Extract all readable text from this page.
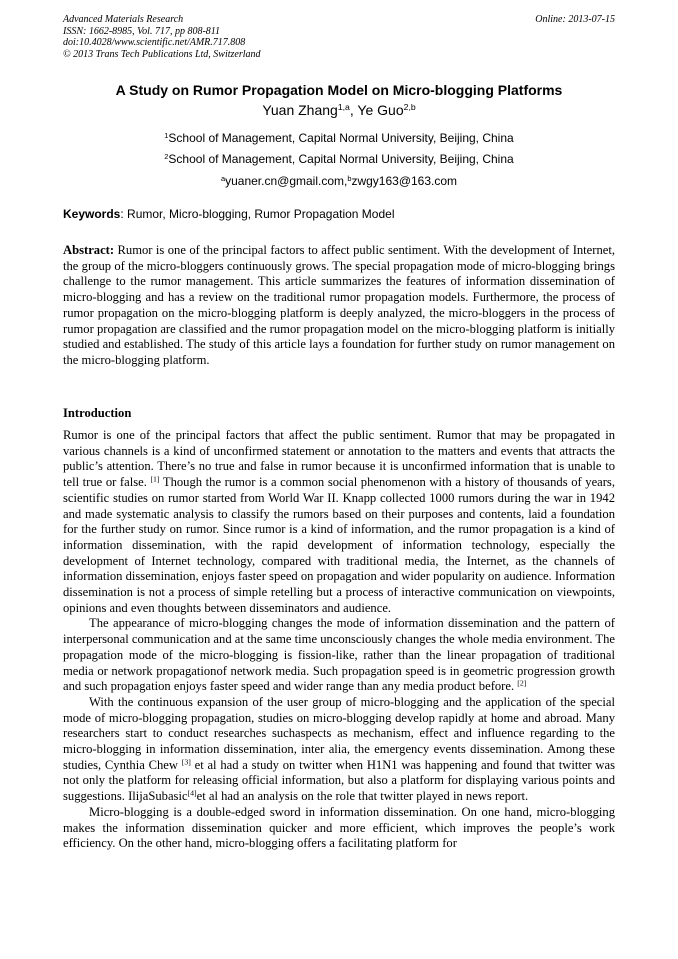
Advanced Materials Research
ISSN: 1662-8985, Vol. 717, pp 808-811
doi:10.4028/www.scientific.net/AMR.717.808
© 2013 Trans Tech Publications Ltd, Switzerland
Online: 2013-07-15
A Study on Rumor Propagation Model on Micro-blogging Platforms
Yuan Zhang$^{1,a}$, Ye Guo$^{2,b}$
$^1$School of Management, Capital Normal University, Beijing, China
$^2$School of Management, Capital Normal University, Beijing, China
$^a$yuaner.cn@gmail.com,$^b$zwgy163@163.com
Keywords: Rumor, Micro-blogging, Rumor Propagation Model

Abstract: Rumor is one of the principal factors to affect public sentiment. With the development of Internet, the group of the micro-bloggers continuously grows. The special propagation mode of micro-blogging brings challenge to the rumor management. This article summarizes the features of information dissemination of micro-blogging and has a review on the traditional rumor propagation models. Furthermore, the process of rumor propagation on the micro-blogging platform is deeply analyzed, the micro-bloggers in the process of rumor propagation are classified and the rumor propagation model on the micro-blogging platform is initially studied and established. The study of this article lays a foundation for further study on rumor management on the micro-blogging platform.

Introduction

Rumor is one of the principal factors that affect the public sentiment. Rumor that may be propagated in various channels is a kind of unconfirmed statement or annotation to the matters and events that attracts the public’s attention. There’s no true and false in rumor because it is unconfirmed information that is unable to tell true or false. [1] Though the rumor is a common social phenomenon with a history of thousands of years, scientific studies on rumor started from World War II. Knapp collected 1000 rumors during the war in 1942 and made systematic analysis to classify the rumors based on their purposes and contents, laid a foundation for the further study on rumor. Since rumor is a kind of information, and the rumor propagation is a kind of information dissemination, with the rapid development of information technology, especially the development of Internet technology, compared with traditional media, the Internet, as the channels of information dissemination, enjoys faster speed on propagation and wider popularity on audience. Information dissemination is not a process of simple retelling but a process of interactive communication on viewpoints, opinions and even thoughts between disseminators and audience.

The appearance of micro-blogging changes the mode of information dissemination and the pattern of interpersonal communication and at the same time unconsciously changes the whole media environment. The propagation mode of the micro-blogging is fission-like, rather than the linear propagation of traditional media or network propagationof network media. Such propagation speed is in geometric progression growth and such propagation enjoys faster speed and wider range than any media product before. [2]

With the continuous expansion of the user group of micro-blogging and the application of the special mode of micro-blogging propagation, studies on micro-blogging develop rapidly at home and abroad. Many researchers start to conduct researches suchaspects as mechanism, effect and influence regarding to the micro-blogging in information dissemination, inter alia, the emergency events dissemination. Among these studies, Cynthia Chew [3] et al had a study on twitter when H1N1 was happening and found that twitter was not only the platform for releasing official information, but also a platform for displaying various points and suggestions. IlijaSubasic[4]et al had an analysis on the role that twitter played in news report.

Micro-blogging is a double-edged sword in information dissemination. On one hand, micro-blogging makes the information dissemination quicker and more efficient, which improves the people’s work efficiency. On the other hand, micro-blogging offers a facilitating platform for
